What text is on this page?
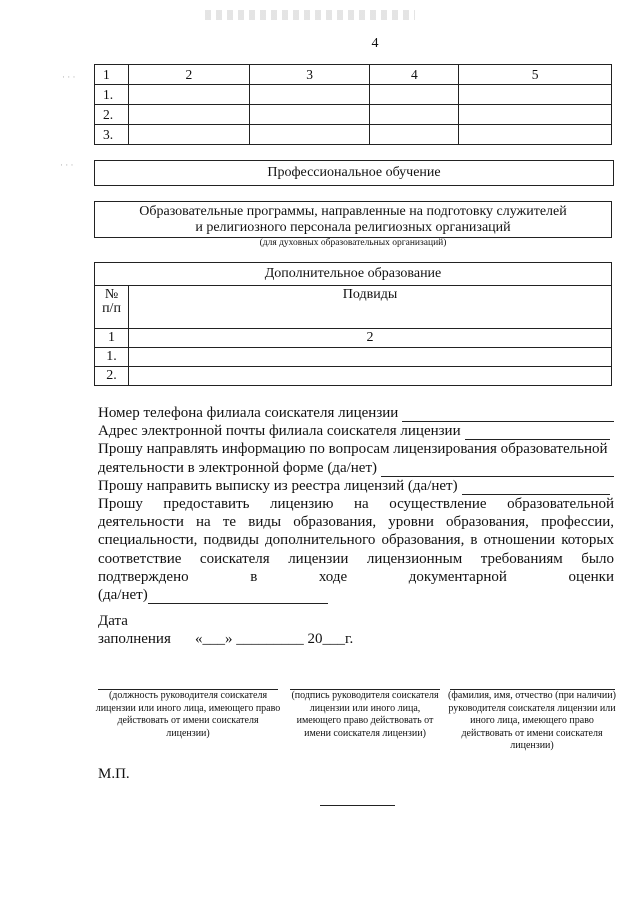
· · ·
· · ·
4
1	2	3	4	5
1.				
2.				
3.				
Профессиональное обучение
Образовательные программы, направленные на подготовку служителей
и религиозного персонала религиозных организаций
(для духовных образовательных организаций)
Дополнительное образование	

№
п/п	Подвиды
1	2
1.	
2.	
Номер телефона филиала соискателя лицензии
Адрес электронной почты филиала соискателя лицензии
Прошу направлять информацию по вопросам лицензирования образовательной
деятельности в электронной форме (да/нет)
Прошу направить выписку из реестра лицензий (да/нет)
Прошу предоставить лицензию на осуществление образовательной
деятельности на те виды образования, уровни образования, профессии,
специальности, подвиды дополнительного образования, в отношении которых
соответствие соискателя лицензии лицензионным требованиям было
подтверждено в ходе документарной оценки
(да/нет)
Дата
заполнения «___» _________ 20___г.
(должность руководителя соискателя лицензии или иного лица, имеющего право действовать от имени соискателя лицензии)
(подпись руководителя соискателя лицензии или иного лица, имеющего право действовать от имени соискателя лицензии)
(фамилия, имя, отчество (при наличии) руководителя соискателя лицензии или иного лица, имеющего право действовать от имени соискателя лицензии)
М.П.
